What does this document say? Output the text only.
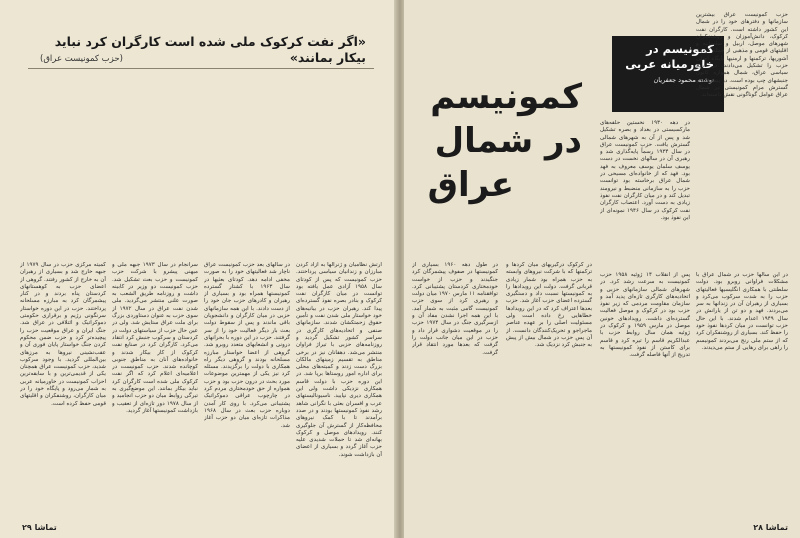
«اگر نفت کرکوک ملی شده است کارگران کرد نباید بیکار بمانند»
(حزب کمونیست عراق)
کمیته مرکزی حزب در سال ۱۹۷۹ از جبهه خارج شد و بسیاری از رهبران آن به خارج از کشور رفتند. گروهی از اعضای حزب به کوهستانهای کردستان پناه بردند و در کنار پیشمرگان کرد به مبارزه مسلحانه پرداختند. حزب در این دوره خواستار سرنگونی رژیم و برقراری حکومتی دموکراتیک و ائتلافی در عراق شد. جنگ ایران و عراق موقعیت حزب را پیچیده‌تر کرد و حزب ضمن محکوم کردن جنگ خواستار پایان فوری آن و عقب‌نشینی نیروها به مرزهای بین‌المللی گردید. با وجود سرکوب شدید، حزب کمونیست عراق همچنان یکی از قدیمی‌ترین و با سابقه‌ترین احزاب کمونیست در خاورمیانه عربی به شمار می‌رود و پایگاه خود را در میان کارگران، روشنفکران و اقلیتهای قومی حفظ کرده است.
سرانجام در سال ۱۹۷۳ جبهه ملی و میهنی پیشرو با شرکت حزب کمونیست و حزب بعث تشکیل شد. حزب کمونیست دو وزیر در کابینه داشت و روزنامه طریق الشعب به صورت علنی منتشر می‌گردید. ملی شدن نفت عراق در سال ۱۹۷۲ از سوی حزب به عنوان دستاوردی بزرگ برای ملت عراق ستایش شد. ولی در عین حال حزب از سیاستهای دولت در کردستان و سرکوب جنبش کرد انتقاد می‌کرد. کارگران کرد در صنایع نفت کرکوک از کار بیکار شدند و خانواده‌های آنان به مناطق جنوبی کوچانده شدند. حزب کمونیست در اعلامیه‌ای اعلام کرد که اگر نفت کرکوک ملی شده است کارگران کرد نباید بیکار بمانند. این موضع‌گیری به تیرگی روابط میان دو حزب انجامید و از سال ۱۹۷۸ دور تازه‌ای از تعقیب و بازداشت کمونیستها آغاز گردید.
در سالهای بعد حزب کمونیست عراق ناچار شد فعالیتهای خود را به صورت مخفی ادامه دهد. کودتای بعثیها در سال ۱۹۶۳ با کشتار گسترده کمونیستها همراه بود و بسیاری از رهبران و کادرهای حزب جان خود را از دست دادند. با این همه سازمانهای حزبی در میان کارگران و دانشجویان باقی ماندند و پس از سقوط دولت بعث بار دیگر فعالیت خود را از سر گرفتند. حزب در این دوره با بحرانهای درونی و انشعابهای متعدد روبرو شد. گروهی از اعضا خواستار مبارزه مسلحانه بودند و گروهی دیگر راه همکاری با دولت را برگزیدند. مسئله کرد نیز یکی از مهمترین موضوعات مورد بحث در درون حزب بود و حزب همواره از حق خودمختاری مردم کرد در چارچوب عراقی دموکراتیک پشتیبانی می‌کرد. با روی کار آمدن دوباره حزب بعث در سال ۱۹۶۸ مذاکرات تازه‌ای میان دو حزب آغاز شد.
ارتش نظامیان و ژنرالها به آزاد کردن مبارزان و زندانیان سیاسی پرداختند. حزب کمونیست که پس از کودتای سال ۱۹۵۸ آزادی عمل یافته بود توانست در میان کارگران نفت کرکوک و بنادر بصره نفوذ گسترده‌ای پیدا کند. رهبران حزب در بیانیه‌های خود خواستار ملی شدن نفت و تأمین حقوق زحمتکشان شدند. سازمانهای صنفی و اتحادیه‌های کارگری در سراسر کشور تشکیل گردید و روزنامه‌های حزبی با تیراژ فراوان منتشر می‌شد. دهقانان نیز در برخی مناطق به تقسیم زمینهای مالکان بزرگ دست زدند و کمیته‌های محلی برای اداره امور روستاها برپا شد. در این دوره حزب با دولت قاسم همکاری نزدیکی داشت ولی این همکاری دیری نپایید. ناسیونالیستهای عرب و افسران بعثی با نگرانی شاهد رشد نفوذ کمونیستها بودند و در صدد برآمدند تا با کمک نیروهای محافظه‌کار از گسترش آن جلوگیری کنند. رویدادهای موصل و کرکوک بهانه‌ای شد تا حملات شدیدی علیه حزب آغاز گردد و بسیاری از اعضای آن بازداشت شوند.
۲۹ تماشا
کمونیسم در
خاورمیانه عربی
نوشته محمود جعفریان
کمونیسم
در شمال
عراق
حزب کمونیست عراق بیشترین سازمانها و دفترهای خود را در شمال این کشور داشته است. کارگران نفت کرکوک، دانش‌آموزان و روشنفکران شهرهای موصل، اربیل و سلیمانیه و اقلیتهای قومی و مذهبی از جمله کردها، آشوریها، ترکمنها و ارمنیها پایگاه اصلی حزب را تشکیل می‌دادند. در تاریخ سیاسی عراق، شمال همواره کانون جنبشهای چپ بوده است. در پیشرفت و گسترش مرام کمونیستی در شمال عراق عوامل گوناگونی نقش داشته‌اند.
در دهه ۱۹۳۰ نخستین حلقه‌های مارکسیستی در بغداد و بصره تشکیل شد و پس از آن به شهرهای شمالی گسترش یافت. حزب کمونیست عراق در سال ۱۹۳۴ رسماً پایه‌گذاری شد و رهبری آن در سالهای نخست در دست یوسف سلمان یوسف معروف به فهد بود. فهد که از خانواده‌ای مسیحی در شمال عراق برخاسته بود توانست حزب را به سازمانی منضبط و نیرومند تبدیل کند و در میان کارگران نفت نفوذ زیادی به دست آورد. اعتصاب کارگران نفت کرکوک در سال ۱۹۴۶ نمونه‌ای از این نفوذ بود.
در طول دهه ۱۹۶۰ بسیاری از کمونیستها در صفوف پیشمرگان کرد جنگیدند و حزب از خواست خودمختاری کردستان پشتیبانی کرد. توافقنامه ۱۱ مارس ۱۹۷۰ میان دولت و رهبری کرد از سوی حزب کمونیست گامی مثبت به شمار آمد. با این همه اجرا نشدن مفاد آن و ازسرگیری جنگ در سال ۱۹۷۴ حزب را در موقعیت دشواری قرار داد و حزب در این میان جانب دولت را گرفت که بعدها مورد انتقاد قرار گرفت.
در کرکوک درگیریهای میان کردها و ترکمنها که با شرکت نیروهای وابسته به حزب همراه بود شمار زیادی قربانی گرفت. دولت این رویدادها را به کمونیستها نسبت داد و دستگیری گسترده اعضای حزب آغاز شد. حزب بعدها اعتراف کرد که در این رویدادها خطاهایی رخ داده است ولی مسئولیت اصلی را بر عهده عناصر ماجراجو و تحریک‌کنندگان دانست. از آن پس حزب در شمال بیش از پیش به جنبش کرد نزدیک شد.
پس از انقلاب ۱۴ ژوئیه ۱۹۵۸ حزب کمونیست به سرعت رشد کرد. در شهرهای شمالی سازمانهای حزبی و اتحادیه‌های کارگری تازه‌ای پدید آمد و سازمان مقاومت مردمی که زیر نفوذ حزب بود در کرکوک و موصل فعالیت گسترده‌ای داشت. رویدادهای خونین موصل در مارس ۱۹۵۹ و کرکوک در ژوئیه همان سال روابط حزب با عبدالکریم قاسم را تیره کرد و قاسم برای کاستن از نفوذ کمونیستها به تدریج از آنها فاصله گرفت.
در این سالها حزب در شمال عراق با مشکلات فراوانی روبرو بود. دولت سلطنتی با همکاری انگلیسیها فعالیتهای حزب را به شدت سرکوب می‌کرد و بسیاری از رهبران آن در زندانها به سر می‌بردند. فهد و دو تن از یارانش در سال ۱۹۴۹ اعدام شدند. با این حال حزب توانست در میان کردها نفوذ خود را حفظ کند. بسیاری از روشنفکران کرد که از ستم ملی رنج می‌بردند کمونیسم را راهی برای رهایی از ستم می‌دیدند.
تماشا ۲۸
